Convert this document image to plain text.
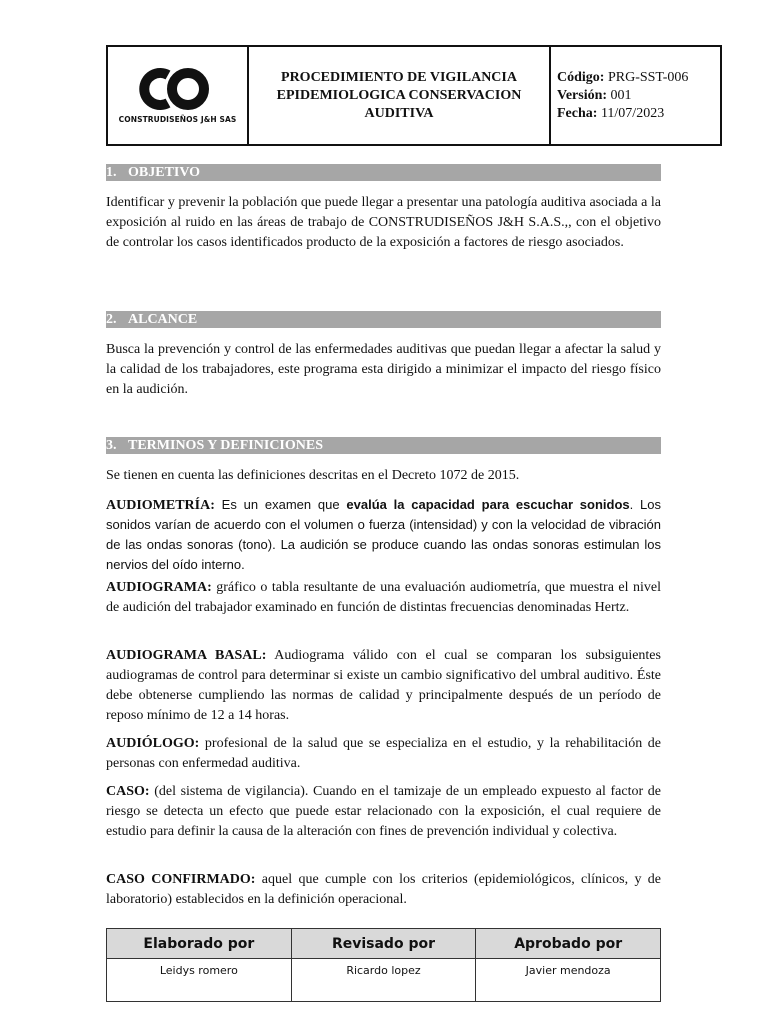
CONSTRUDISEÑOS J&H SAS
PROCEDIMIENTO DE VIGILANCIA EPIDEMIOLOGICA CONSERVACION AUDITIVA
Código: PRG-SST-006
Versión: 001
Fecha: 11/07/2023
1. OBJETIVO
Identificar y prevenir la población que puede llegar a presentar una patología auditiva asociada a la exposición al ruido en las áreas de trabajo de CONSTRUDISEÑOS J&H S.A.S.,, con el objetivo de controlar los casos identificados producto de la exposición a factores de riesgo asociados.
2. ALCANCE
Busca la prevención y control de las enfermedades auditivas que puedan llegar a afectar la salud y la calidad de los trabajadores, este programa esta dirigido a minimizar el impacto del riesgo físico en la audición.
3. TERMINOS Y DEFINICIONES
Se tienen en cuenta las definiciones descritas en el Decreto 1072 de 2015.
AUDIOMETRÍA: Es un examen que evalúa la capacidad para escuchar sonidos. Los sonidos varían de acuerdo con el volumen o fuerza (intensidad) y con la velocidad de vibración de las ondas sonoras (tono). La audición se produce cuando las ondas sonoras estimulan los nervios del oído interno.
AUDIOGRAMA: gráfico o tabla resultante de una evaluación audiometría, que muestra el nivel de audición del trabajador examinado en función de distintas frecuencias denominadas Hertz.
AUDIOGRAMA BASAL: Audiograma válido con el cual se comparan los subsiguientes audiogramas de control para determinar si existe un cambio significativo del umbral auditivo. Éste debe obtenerse cumpliendo las normas de calidad y principalmente después de un período de reposo mínimo de 12 a 14 horas.
AUDIÓLOGO: profesional de la salud que se especializa en el estudio, y la rehabilitación de personas con enfermedad auditiva.
CASO: (del sistema de vigilancia). Cuando en el tamizaje de un empleado expuesto al factor de riesgo se detecta un efecto que puede estar relacionado con la exposición, el cual requiere de estudio para definir la causa de la alteración con fines de prevención individual y colectiva.
CASO CONFIRMADO: aquel que cumple con los criterios (epidemiológicos, clínicos, y de laboratorio) establecidos en la definición operacional.
Elaborado por	Revisado por	Aprobado por
Leidys romero	Ricardo lopez	Javier mendoza
